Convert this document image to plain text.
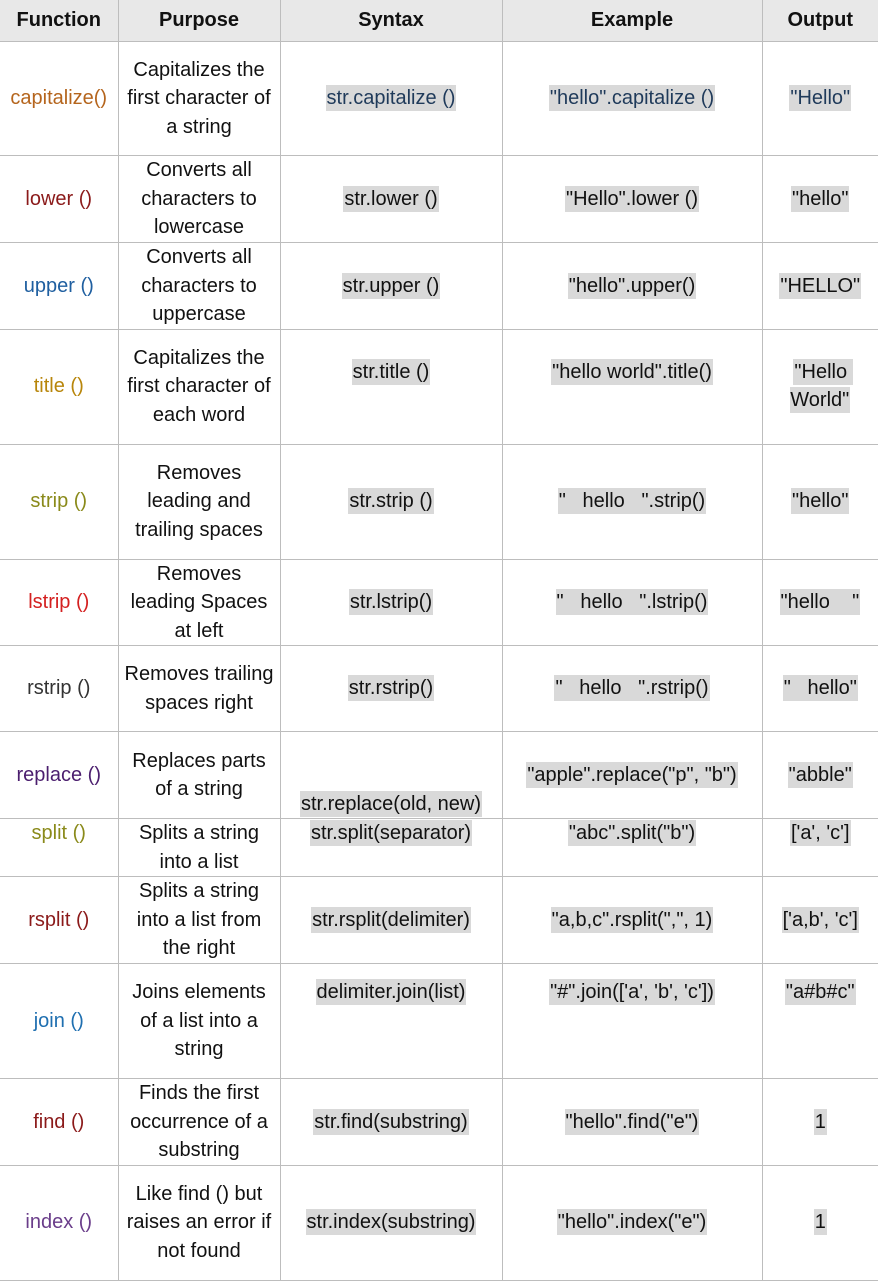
Function	Purpose	Syntax	Example	Output
capitalize()	Capitalizes the first character of a string	str.capitalize ()	"hello".capitalize ()	"Hello"
lower ()	Converts all characters to lowercase	str.lower ()	"Hello".lower ()	"hello"
upper ()	Converts all characters to uppercase	str.upper ()	"hello".upper()	"HELLO"
title ()	Capitalizes the first character of each word	str.title ()	"hello world".title()	"Hello World"
strip ()	Removes leading and trailing spaces	str.strip ()	"   hello   ".strip()	"hello"
lstrip ()	Removes leading Spaces at left	str.lstrip()	"   hello   ".lstrip()	"hello    "
rstrip ()	Removes trailing spaces right	str.rstrip()	"   hello   ".rstrip()	"   hello"
replace ()	Replaces parts of a string	str.replace(old, new)	"apple".replace("p", "b")	"abble"
split ()	Splits a string into a list	str.split(separator)	"abc".split("b")	['a', 'c']
rsplit ()	Splits a string into a list from the right	str.rsplit(delimiter)	"a,b,c".rsplit(",", 1)	['a,b', 'c']
join ()	Joins elements of a list into a string	delimiter.join(list)	"#".join(['a', 'b', 'c'])	"a#b#c"
find ()	Finds the first occurrence of a substring	str.find(substring)	"hello".find("e")	1
index ()	Like find () but raises an error if not found	str.index(substring)	"hello".index("e")	1
